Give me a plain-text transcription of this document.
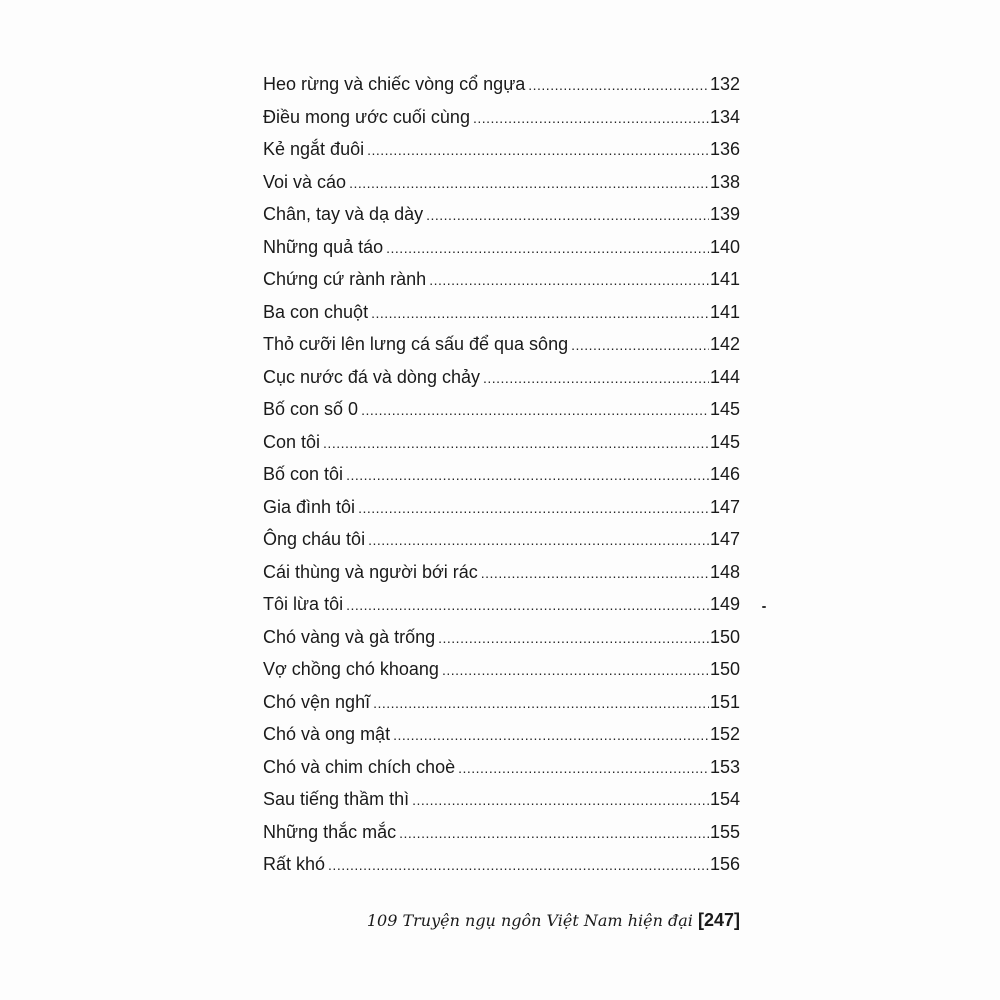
Heo rừng và chiếc vòng cổ ngựa .....	132
Điều mong ước cuối cùng .....	134
Kẻ ngắt đuôi .....	136
Voi và cáo .....	138
Chân, tay và dạ dày .....	139
Những quả táo .....	140
Chứng cứ rành rành .....	141
Ba con chuột .....	141
Thỏ cưỡi lên lưng cá sấu để qua sông .....	142
Cục nước đá và dòng chảy .....	144
Bố con số 0 .....	145
Con tôi .....	145
Bố con tôi .....	146
Gia đình tôi .....	147
Ông cháu tôi .....	147
Cái thùng và người bới rác .....	148
Tôi lừa tôi .....	149
Chó vàng và gà trống .....	150
Vợ chồng chó khoang .....	150
Chó vện nghĩ .....	151
Chó và ong mật .....	152
Chó và chim chích choè .....	153
Sau tiếng thầm thì .....	154
Những thắc mắc .....	155
Rất khó .....	156
109 Truyện ngụ ngôn Việt Nam hiện đại [247]
